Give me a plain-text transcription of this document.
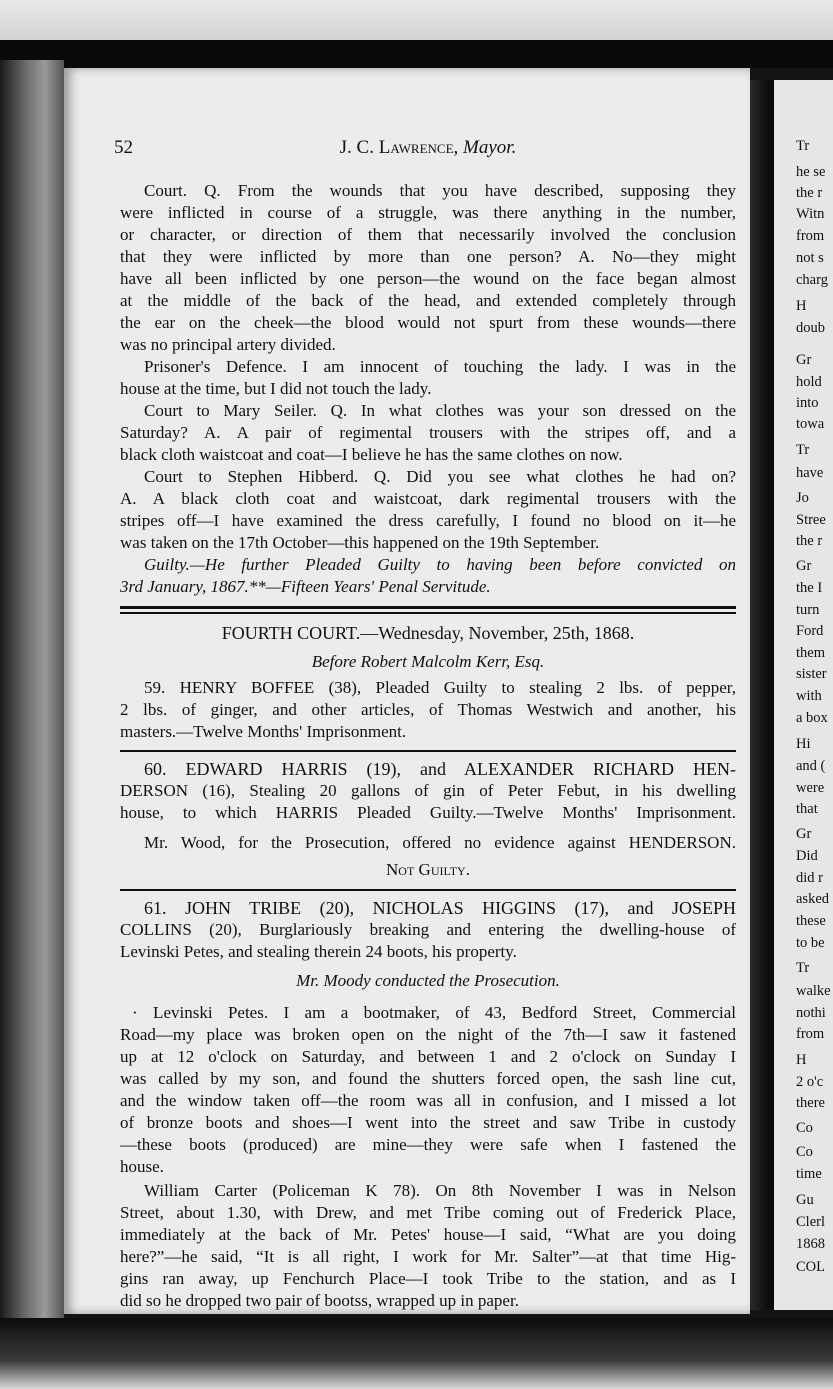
Tr
he se
the r
Witn
from
not s
charg
H
doub
Gr
hold
into
towa
Tr
have
Jo
Stree
the r
Gr
the I
turn
Ford
them
sister
with
a box
Hi
and (
were
that
Gr
Did
did r
asked
these
to be
Tr
walke
nothi
from
H
2 o'c
there
Co
Co
time
Gu
Clerl
1868
COL
52	J. C. Lawrence, Mayor.
Court. Q. From the wounds that you have described, supposing they
were inflicted in course of a struggle, was there anything in the number,
or character, or direction of them that necessarily involved the conclusion
that they were inflicted by more than one person? A. No—they might
have all been inflicted by one person—the wound on the face began almost
at the middle of the back of the head, and extended completely through
the ear on the cheek—the blood would not spurt from these wounds—there
was no principal artery divided.
Prisoner's Defence. I am innocent of touching the lady. I was in the
house at the time, but I did not touch the lady.
Court to Mary Seiler. Q. In what clothes was your son dressed on the
Saturday? A. A pair of regimental trousers with the stripes off, and a
black cloth waistcoat and coat—I believe he has the same clothes on now.
Court to Stephen Hibberd. Q. Did you see what clothes he had on?
A. A black cloth coat and waistcoat, dark regimental trousers with the
stripes off—I have examined the dress carefully, I found no blood on it—he
was taken on the 17th October—this happened on the 19th September.
Guilty.—He further Pleaded Guilty to having been before convicted on
3rd January, 1867.**—Fifteen Years' Penal Servitude.
FOURTH COURT.—Wednesday, November, 25th, 1868.
Before Robert Malcolm Kerr, Esq.
59. HENRY BOFFEE (38), Pleaded Guilty to stealing 2 lbs. of pepper,
2 lbs. of ginger, and other articles, of Thomas Westwich and another, his
masters.—Twelve Months' Imprisonment.
60. EDWARD HARRIS (19), and ALEXANDER RICHARD HEN-
DERSON (16), Stealing 20 gallons of gin of Peter Febut, in his dwelling
house, to which HARRIS Pleaded Guilty.—Twelve Months' Imprisonment.
Mr. Wood, for the Prosecution, offered no evidence against HENDERSON.
Not Guilty.
61. JOHN TRIBE (20), NICHOLAS HIGGINS (17), and JOSEPH
COLLINS (20), Burglariously breaking and entering the dwelling-house of
Levinski Petes, and stealing therein 24 boots, his property.
Mr. Moody conducted the Prosecution.
· Levinski Petes. I am a bootmaker, of 43, Bedford Street, Commercial
Road—my place was broken open on the night of the 7th—I saw it fastened
up at 12 o'clock on Saturday, and between 1 and 2 o'clock on Sunday I
was called by my son, and found the shutters forced open, the sash line cut,
and the window taken off—the room was all in confusion, and I missed a lot
of bronze boots and shoes—I went into the street and saw Tribe in custody
—these boots (produced) are mine—they were safe when I fastened the
house.
William Carter (Policeman K 78). On 8th November I was in Nelson
Street, about 1.30, with Drew, and met Tribe coming out of Frederick Place,
immediately at the back of Mr. Petes' house—I said, “What are you doing
here?”—he said, “It is all right, I work for Mr. Salter”—at that time Hig-
gins ran away, up Fenchurch Place—I took Tribe to the station, and as I
did so he dropped two pair of bootss, wrapped up in paper.
